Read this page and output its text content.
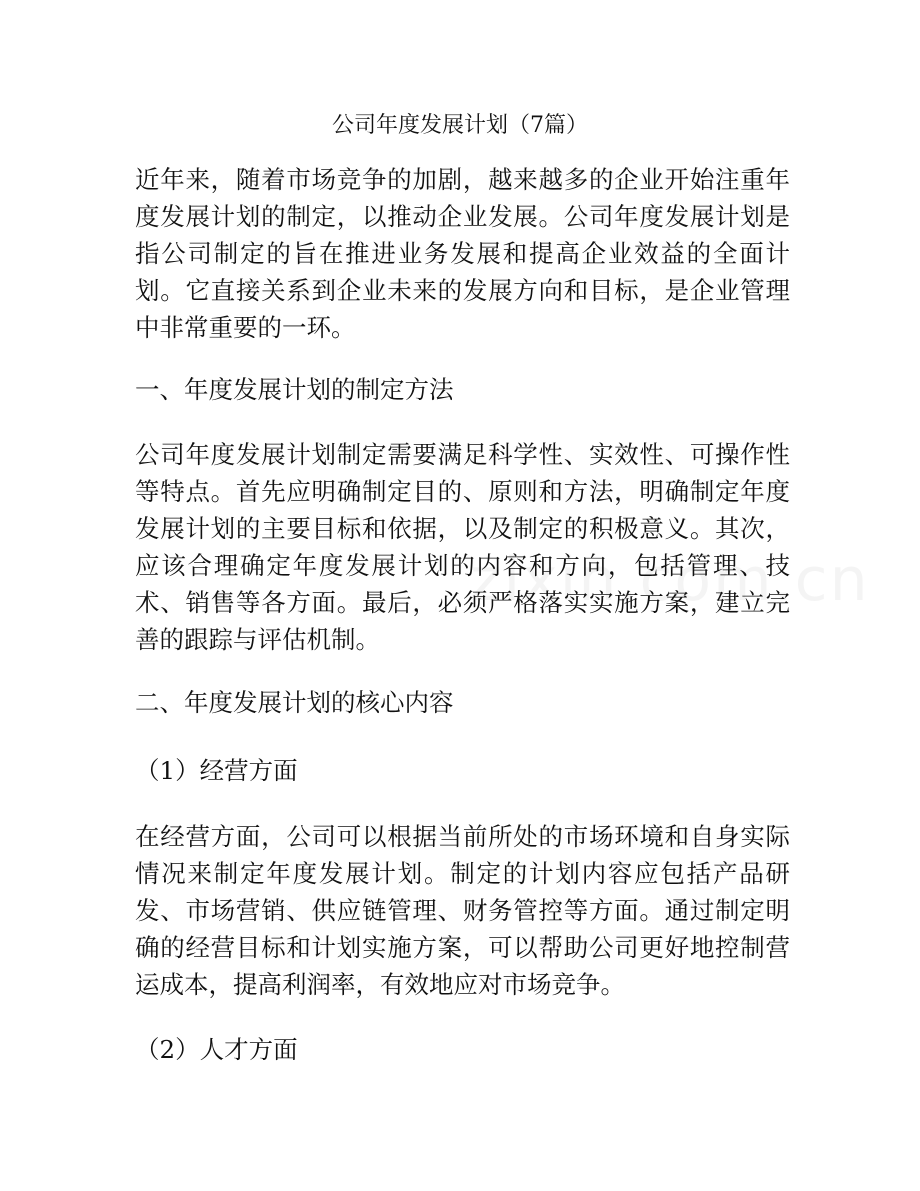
公司年度发展计划（7篇）
近年来，随着市场竞争的加剧，越来越多的企业开始注重年度发展计划的制定，以推动企业发展。公司年度发展计划是指公司制定的旨在推进业务发展和提高企业效益的全面计划。它直接关系到企业未来的发展方向和目标，是企业管理中非常重要的一环。
一、年度发展计划的制定方法
公司年度发展计划制定需要满足科学性、实效性、可操作性等特点。首先应明确制定目的、原则和方法，明确制定年度发展计划的主要目标和依据，以及制定的积极意义。其次，应该合理确定年度发展计划的内容和方向，包括管理、技术、销售等各方面。最后，必须严格落实实施方案，建立完善的跟踪与评估机制。
二、年度发展计划的核心内容
（1）经营方面
在经营方面，公司可以根据当前所处的市场环境和自身实际情况来制定年度发展计划。制定的计划内容应包括产品研发、市场营销、供应链管理、财务管控等方面。通过制定明确的经营目标和计划实施方案，可以帮助公司更好地控制营运成本，提高利润率，有效地应对市场竞争。
（2）人才方面
